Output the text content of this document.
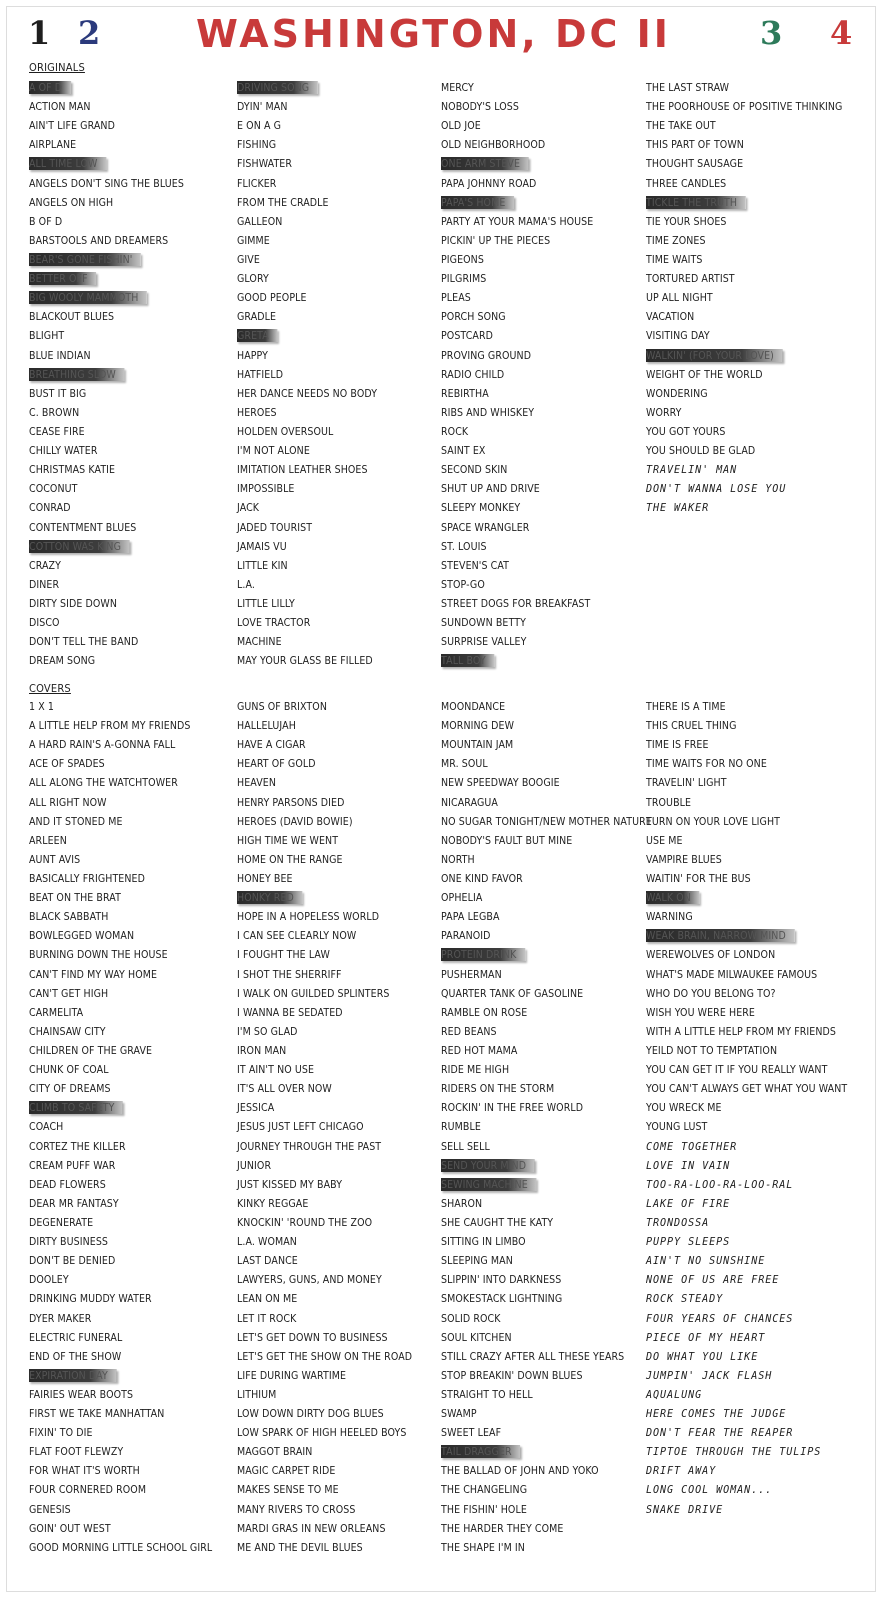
1 2	WASHINGTON, DC II	3 4
ORIGINALS
COVERS
A OF D
ACTION MAN
AIN'T LIFE GRAND
AIRPLANE
ALL TIME LOW
ANGELS DON'T SING THE BLUES
ANGELS ON HIGH
B OF D
BARSTOOLS AND DREAMERS
BEAR'S GONE FISHIN'
BETTER OFF
BIG WOOLY MAMMOTH
BLACKOUT BLUES
BLIGHT
BLUE INDIAN
BREATHING SLOW
BUST IT BIG
C. BROWN
CEASE FIRE
CHILLY WATER
CHRISTMAS KATIE
COCONUT
CONRAD
CONTENTMENT BLUES
COTTON WAS KING
CRAZY
DINER
DIRTY SIDE DOWN
DISCO
DON'T TELL THE BAND
DREAM SONG
DRIVING SONG
DYIN' MAN
E ON A G
FISHING
FISHWATER
FLICKER
FROM THE CRADLE
GALLEON
GIMME
GIVE
GLORY
GOOD PEOPLE
GRADLE
GRETA
HAPPY
HATFIELD
HER DANCE NEEDS NO BODY
HEROES
HOLDEN OVERSOUL
I'M NOT ALONE
IMITATION LEATHER SHOES
IMPOSSIBLE
JACK
JADED TOURIST
JAMAIS VU
LITTLE KIN
L.A.
LITTLE LILLY
LOVE TRACTOR
MACHINE
MAY YOUR GLASS BE FILLED
MERCY
NOBODY'S LOSS
OLD JOE
OLD NEIGHBORHOOD
ONE ARM STEVE
PAPA JOHNNY ROAD
PAPA'S HOME
PARTY AT YOUR MAMA'S HOUSE
PICKIN' UP THE PIECES
PIGEONS
PILGRIMS
PLEAS
PORCH SONG
POSTCARD
PROVING GROUND
RADIO CHILD
REBIRTHA
RIBS AND WHISKEY
ROCK
SAINT EX
SECOND SKIN
SHUT UP AND DRIVE
SLEEPY MONKEY
SPACE WRANGLER
ST. LOUIS
STEVEN'S CAT
STOP-GO
STREET DOGS FOR BREAKFAST
SUNDOWN BETTY
SURPRISE VALLEY
TALL BOY
THE LAST STRAW
THE POORHOUSE OF POSITIVE THINKING
THE TAKE OUT
THIS PART OF TOWN
THOUGHT SAUSAGE
THREE CANDLES
TICKLE THE TRUTH
TIE YOUR SHOES
TIME ZONES
TIME WAITS
TORTURED ARTIST
UP ALL NIGHT
VACATION
VISITING DAY
WALKIN' (FOR YOUR LOVE)
WEIGHT OF THE WORLD
WONDERING
WORRY
YOU GOT YOURS
YOU SHOULD BE GLAD
TRAVELIN' MAN
DON'T WANNA LOSE YOU
THE WAKER
1 X 1
A LITTLE HELP FROM MY FRIENDS
A HARD RAIN'S A-GONNA FALL
ACE OF SPADES
ALL ALONG THE WATCHTOWER
ALL RIGHT NOW
AND IT STONED ME
ARLEEN
AUNT AVIS
BASICALLY FRIGHTENED
BEAT ON THE BRAT
BLACK SABBATH
BOWLEGGED WOMAN
BURNING DOWN THE HOUSE
CAN'T FIND MY WAY HOME
CAN'T GET HIGH
CARMELITA
CHAINSAW CITY
CHILDREN OF THE GRAVE
CHUNK OF COAL
CITY OF DREAMS
CLIMB TO SAFETY
COACH
CORTEZ THE KILLER
CREAM PUFF WAR
DEAD FLOWERS
DEAR MR FANTASY
DEGENERATE
DIRTY BUSINESS
DON'T BE DENIED
DOOLEY
DRINKING MUDDY WATER
DYER MAKER
ELECTRIC FUNERAL
END OF THE SHOW
EXPIRATION DAY
FAIRIES WEAR BOOTS
FIRST WE TAKE MANHATTAN
FIXIN' TO DIE
FLAT FOOT FLEWZY
FOR WHAT IT'S WORTH
FOUR CORNERED ROOM
GENESIS
GOIN' OUT WEST
GOOD MORNING LITTLE SCHOOL GIRL
GUNS OF BRIXTON
HALLELUJAH
HAVE A CIGAR
HEART OF GOLD
HEAVEN
HENRY PARSONS DIED
HEROES (DAVID BOWIE)
HIGH TIME WE WENT
HOME ON THE RANGE
HONEY BEE
HONKY RED
HOPE IN A HOPELESS WORLD
I CAN SEE CLEARLY NOW
I FOUGHT THE LAW
I SHOT THE SHERRIFF
I WALK ON GUILDED SPLINTERS
I WANNA BE SEDATED
I'M SO GLAD
IRON MAN
IT AIN'T NO USE
IT'S ALL OVER NOW
JESSICA
JESUS JUST LEFT CHICAGO
JOURNEY THROUGH THE PAST
JUNIOR
JUST KISSED MY BABY
KINKY REGGAE
KNOCKIN' 'ROUND THE ZOO
L.A. WOMAN
LAST DANCE
LAWYERS, GUNS, AND MONEY
LEAN ON ME
LET IT ROCK
LET'S GET DOWN TO BUSINESS
LET'S GET THE SHOW ON THE ROAD
LIFE DURING WARTIME
LITHIUM
LOW DOWN DIRTY DOG BLUES
LOW SPARK OF HIGH HEELED BOYS
MAGGOT BRAIN
MAGIC CARPET RIDE
MAKES SENSE TO ME
MANY RIVERS TO CROSS
MARDI GRAS IN NEW ORLEANS
ME AND THE DEVIL BLUES
MOONDANCE
MORNING DEW
MOUNTAIN JAM
MR. SOUL
NEW SPEEDWAY BOOGIE
NICARAGUA
NO SUGAR TONIGHT/NEW MOTHER NATURE
NOBODY'S FAULT BUT MINE
NORTH
ONE KIND FAVOR
OPHELIA
PAPA LEGBA
PARANOID
PROTEIN DRINK
PUSHERMAN
QUARTER TANK OF GASOLINE
RAMBLE ON ROSE
RED BEANS
RED HOT MAMA
RIDE ME HIGH
RIDERS ON THE STORM
ROCKIN' IN THE FREE WORLD
RUMBLE
SELL SELL
SEND YOUR MIND
SEWING MACHINE
SHARON
SHE CAUGHT THE KATY
SITTING IN LIMBO
SLEEPING MAN
SLIPPIN' INTO DARKNESS
SMOKESTACK LIGHTNING
SOLID ROCK
SOUL KITCHEN
STILL CRAZY AFTER ALL THESE YEARS
STOP BREAKIN' DOWN BLUES
STRAIGHT TO HELL
SWAMP
SWEET LEAF
TAIL DRAGGER
THE BALLAD OF JOHN AND YOKO
THE CHANGELING
THE FISHIN' HOLE
THE HARDER THEY COME
THE SHAPE I'M IN
THERE IS A TIME
THIS CRUEL THING
TIME IS FREE
TIME WAITS FOR NO ONE
TRAVELIN' LIGHT
TROUBLE
TURN ON YOUR LOVE LIGHT
USE ME
VAMPIRE BLUES
WAITIN' FOR THE BUS
WALK ON
WARNING
WEAK BRAIN, NARROW MIND
WEREWOLVES OF LONDON
WHAT'S MADE MILWAUKEE FAMOUS
WHO DO YOU BELONG TO?
WISH YOU WERE HERE
WITH A LITTLE HELP FROM MY FRIENDS
YEILD NOT TO TEMPTATION
YOU CAN GET IT IF YOU REALLY WANT
YOU CAN'T ALWAYS GET WHAT YOU WANT
YOU WRECK ME
YOUNG LUST
COME TOGETHER
LOVE IN VAIN
TOO-RA-LOO-RA-LOO-RAL
LAKE OF FIRE
TRONDOSSA
PUPPY SLEEPS
AIN'T NO SUNSHINE
NONE OF US ARE FREE
ROCK STEADY
FOUR YEARS OF CHANCES
PIECE OF MY HEART
DO WHAT YOU LIKE
JUMPIN' JACK FLASH
AQUALUNG
HERE COMES THE JUDGE
DON'T FEAR THE REAPER
TIPTOE THROUGH THE TULIPS
DRIFT AWAY
LONG COOL WOMAN...
SNAKE DRIVE
